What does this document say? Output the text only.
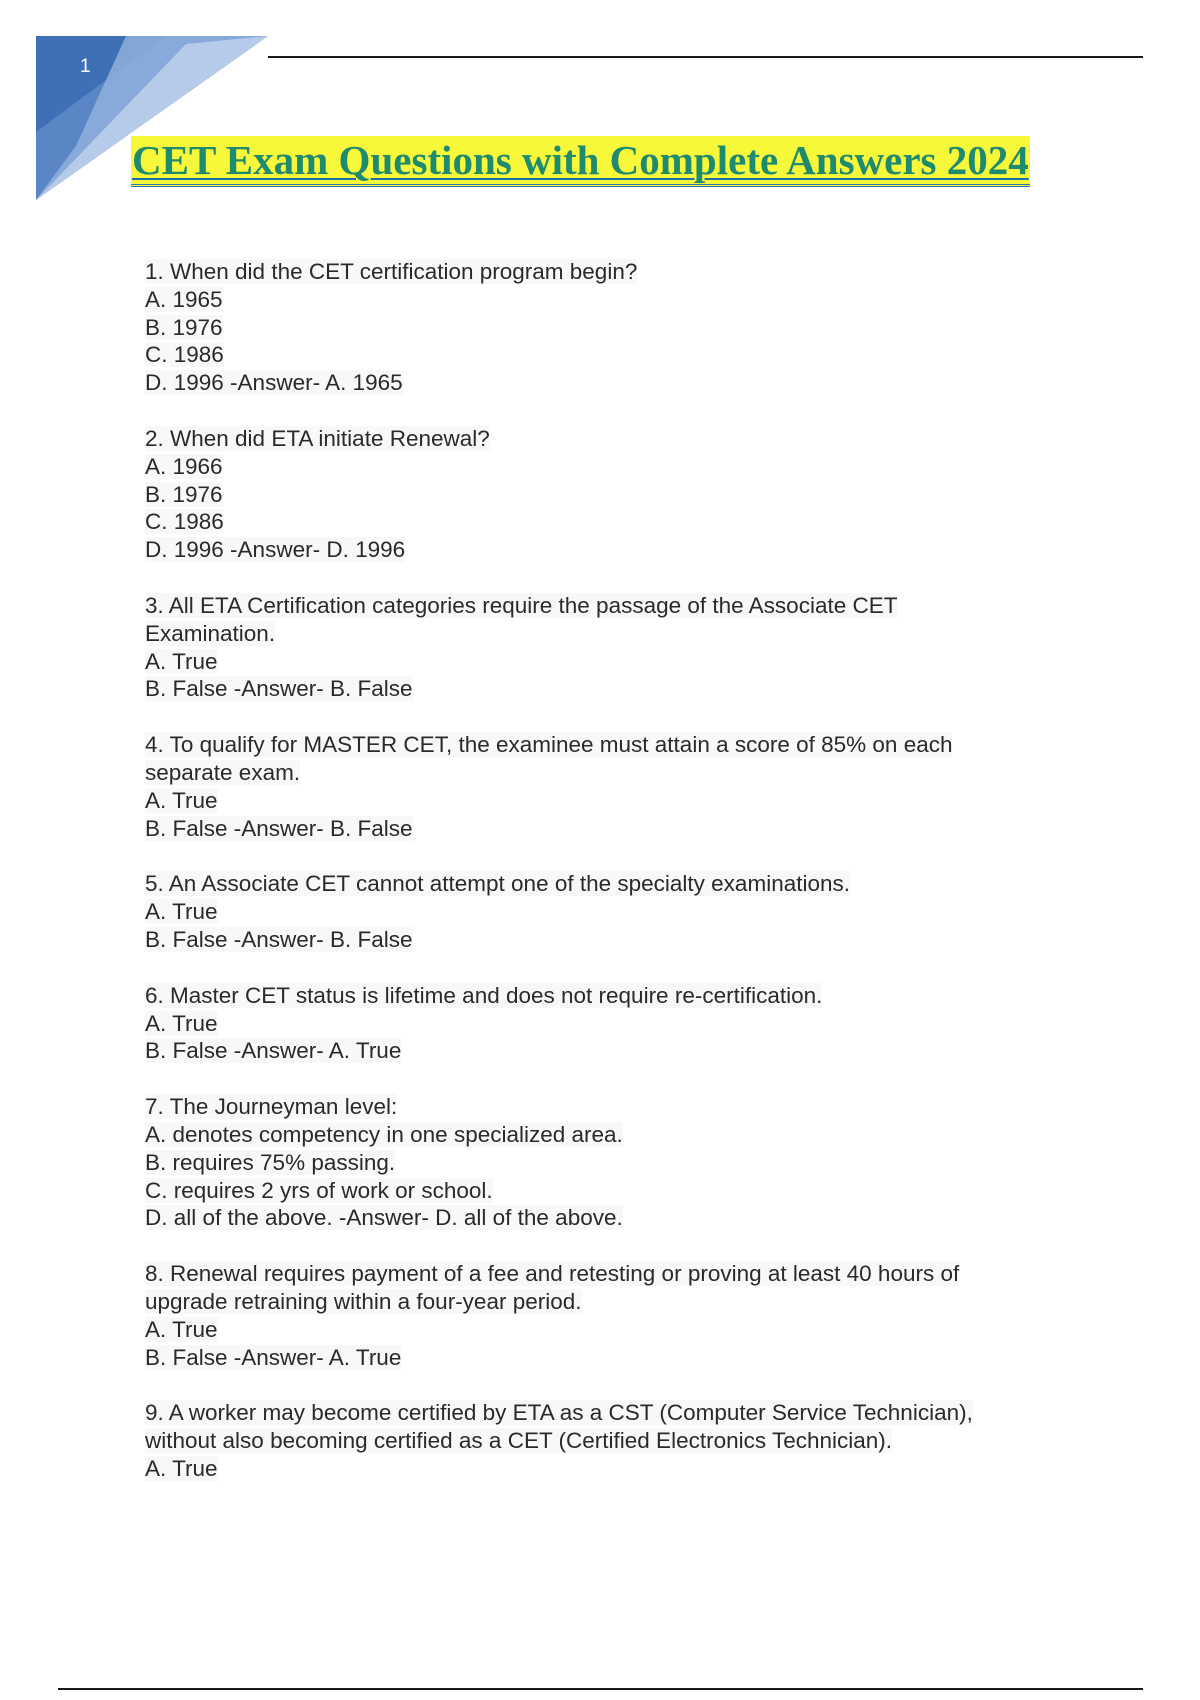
1
CET Exam Questions with Complete Answers 2024
1. When did the CET certification program begin?
A. 1965
B. 1976
C. 1986
D. 1996 -Answer- A. 1965
2. When did ETA initiate Renewal?
A. 1966
B. 1976
C. 1986
D. 1996 -Answer- D. 1996
3. All ETA Certification categories require the passage of the Associate CET
Examination.
A. True
B. False -Answer- B. False
4. To qualify for MASTER CET, the examinee must attain a score of 85% on each
separate exam.
A. True
B. False -Answer- B. False
5. An Associate CET cannot attempt one of the specialty examinations.
A. True
B. False -Answer- B. False
6. Master CET status is lifetime and does not require re-certification.
A. True
B. False -Answer- A. True
7. The Journeyman level:
A. denotes competency in one specialized area.
B. requires 75% passing.
C. requires 2 yrs of work or school.
D. all of the above. -Answer- D. all of the above.
8. Renewal requires payment of a fee and retesting or proving at least 40 hours of
upgrade retraining within a four-year period.
A. True
B. False -Answer- A. True
9. A worker may become certified by ETA as a CST (Computer Service Technician),
without also becoming certified as a CET (Certified Electronics Technician).
A. True
